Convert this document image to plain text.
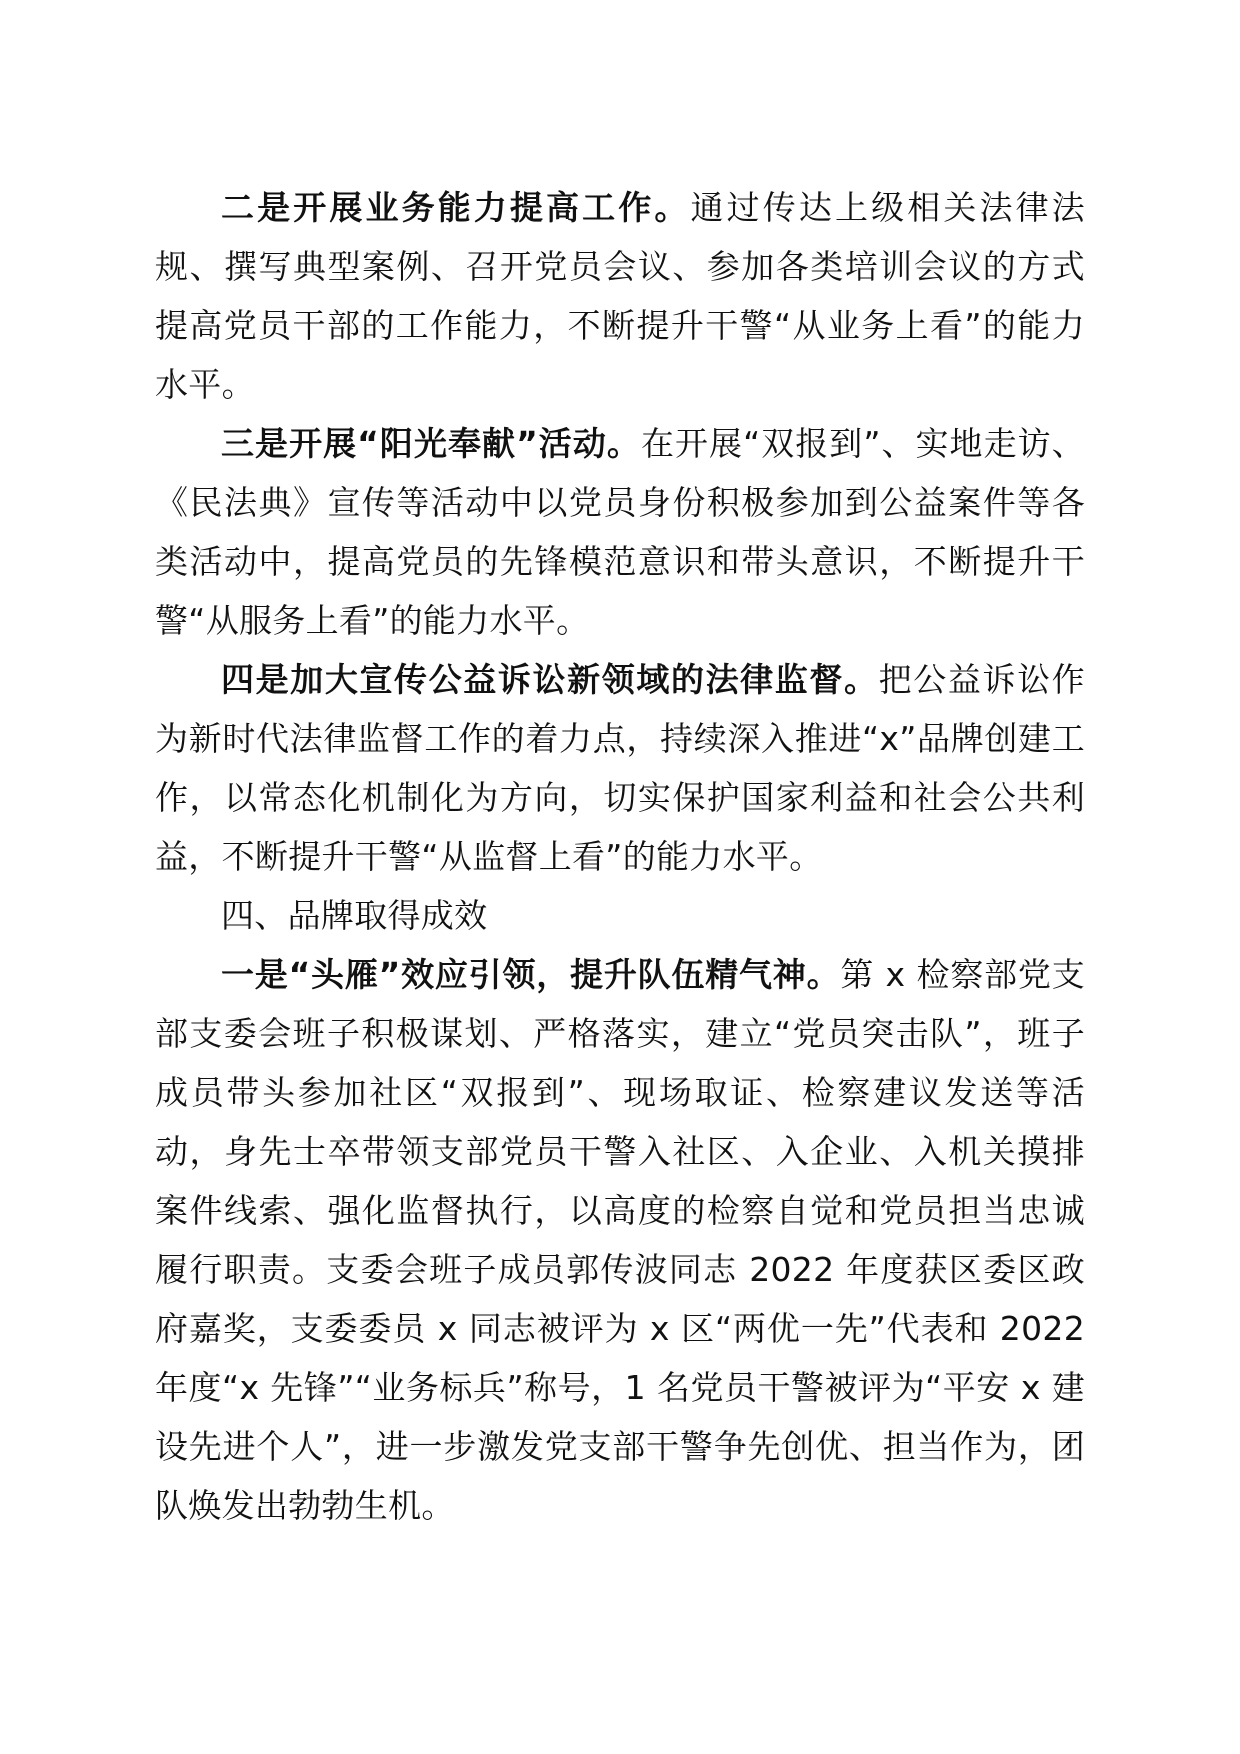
二是开展业务能力提高工作。通过传达上级相关法律法规、撰写典型案例、召开党员会议、参加各类培训会议的方式提高党员干部的工作能力，不断提升干警“从业务上看”的能力水平。

三是开展“阳光奉献”活动。在开展“双报到”、实地走访、《民法典》宣传等活动中以党员身份积极参加到公益案件等各类活动中，提高党员的先锋模范意识和带头意识，不断提升干警“从服务上看”的能力水平。

四是加大宣传公益诉讼新领域的法律监督。把公益诉讼作为新时代法律监督工作的着力点，持续深入推进“x”品牌创建工作，以常态化机制化为方向，切实保护国家利益和社会公共利益，不断提升干警“从监督上看”的能力水平。

四、品牌取得成效

一是“头雁”效应引领，提升队伍精气神。第 x 检察部党支部支委会班子积极谋划、严格落实，建立“党员突击队”，班子成员带头参加社区“双报到”、现场取证、检察建议发送等活动，身先士卒带领支部党员干警入社区、入企业、入机关摸排案件线索、强化监督执行，以高度的检察自觉和党员担当忠诚履行职责。支委会班子成员郭传波同志 2022 年度获区委区政府嘉奖，支委委员 x 同志被评为 x 区“两优一先”代表和 2022 年度“x 先锋”“业务标兵”称号，1 名党员干警被评为“平安 x 建设先进个人”，进一步激发党支部干警争先创优、担当作为，团队焕发出勃勃生机。
